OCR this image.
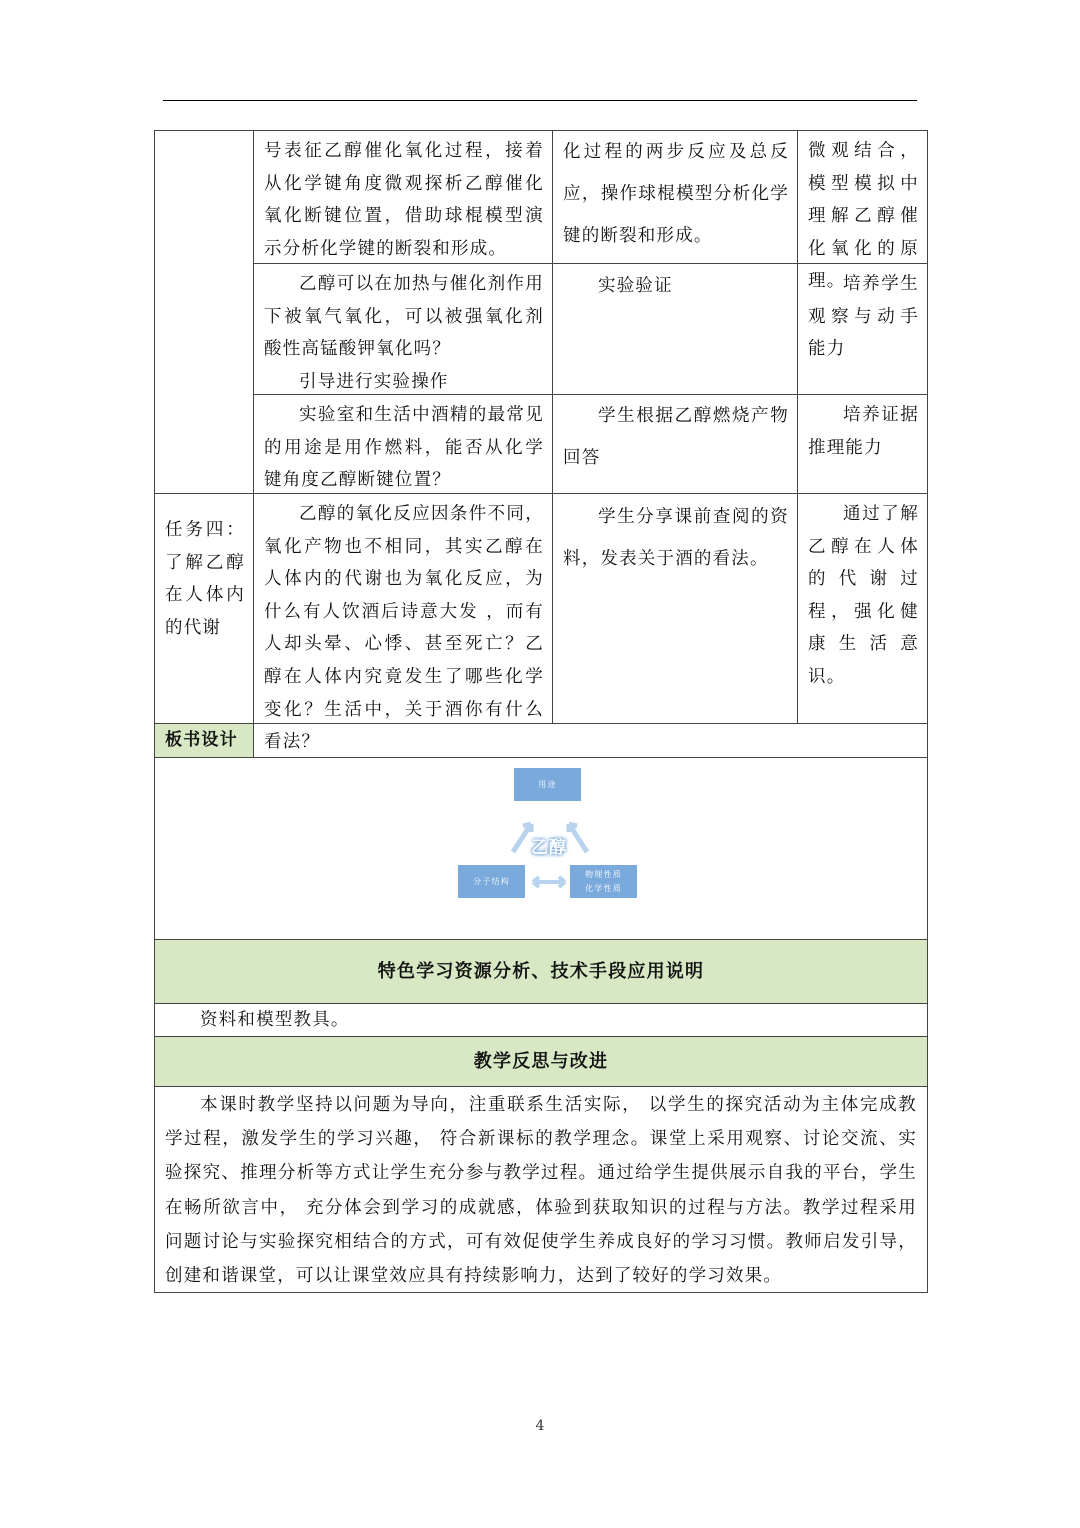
号表征乙醇催化氧化过程，接着从化学键角度微观探析乙醇催化氧化断键位置，借助球棍模型演示分析化学键的断裂和形成。
化过程的两步反应及总反应，操作球棍模型分析化学键的断裂和形成。
微观结合，模型模拟中理解乙醇催化氧化的原理。
乙醇可以在加热与催化剂作用下被氧气氧化，可以被强氧化剂酸性高锰酸钾氧化吗？
引导进行实验操作
实验验证	培养学生观察与动手能力
实验室和生活中酒精的最常见的用途是用作燃料，能否从化学键角度乙醇断键位置？
学生根据乙醇燃烧产物回答
培养证据推理能力
任务四：了解乙醇在人体内的代谢
乙醇的氧化反应因条件不同，氧化产物也不相同，其实乙醇在人体内的代谢也为氧化反应，为什么有人饮酒后诗意大发 ，而有人却头晕、心悸、甚至死亡？乙醇在人体内究竟发生了哪些化学变化？生活中，关于酒你有什么看法？
学生分享课前查阅的资料，发表关于酒的看法。
通过了解乙醇在人体的代谢过程，强化健康生活意识。
板书设计
用途
乙醇
分子结构
物理性质
化学性质
特色学习资源分析、技术手段应用说明
资料和模型教具。
教学反思与改进
本课时教学坚持以问题为导向，注重联系生活实际， 以学生的探究活动为主体完成教学过程，激发学生的学习兴趣， 符合新课标的教学理念。课堂上采用观察、讨论交流、实验探究、推理分析等方式让学生充分参与教学过程。通过给学生提供展示自我的平台，学生在畅所欲言中， 充分体会到学习的成就感，体验到获取知识的过程与方法。教学过程采用问题讨论与实验探究相结合的方式，可有效促使学生养成良好的学习习惯。教师启发引导，创建和谐课堂，可以让课堂效应具有持续影响力，达到了较好的学习效果。
4
